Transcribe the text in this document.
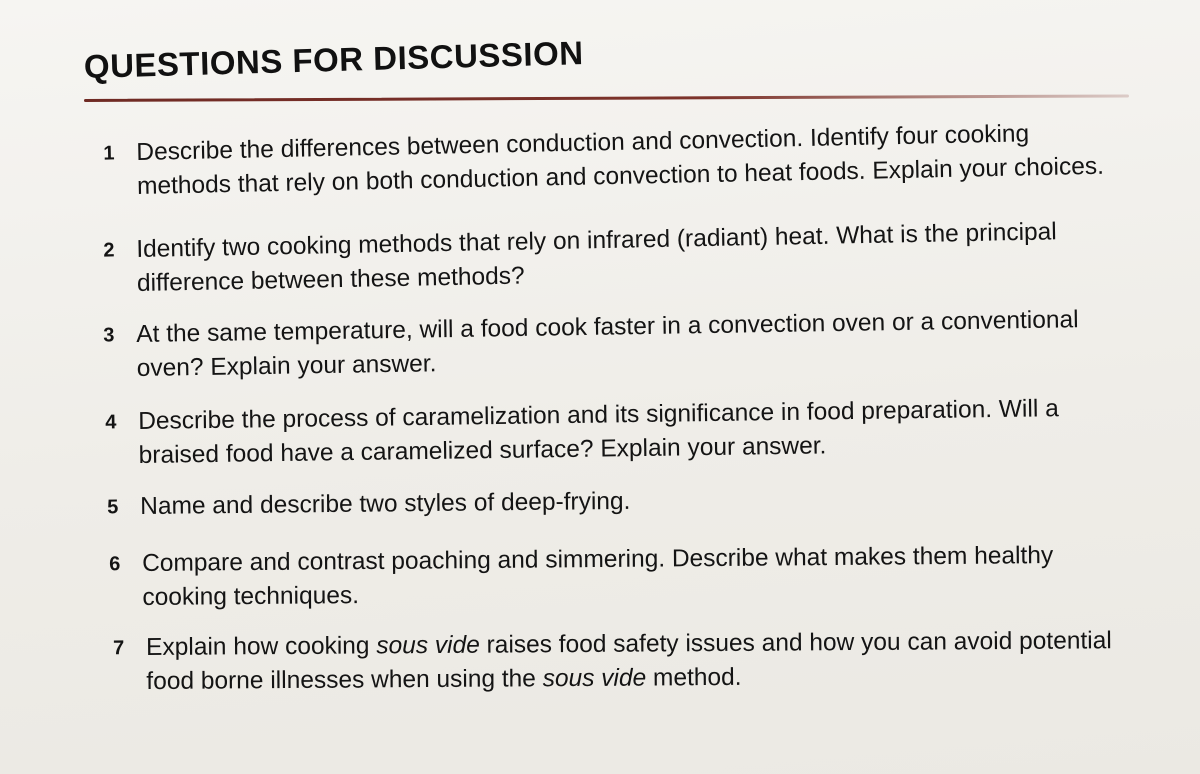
QUESTIONS FOR DISCUSSION
1 Describe the differences between conduction and convection. Identify four cooking
methods that rely on both conduction and convection to heat foods. Explain your choices.
2 Identify two cooking methods that rely on infrared (radiant) heat. What is the principal
difference between these methods?
3 At the same temperature, will a food cook faster in a convection oven or a conventional
oven? Explain your answer.
4 Describe the process of caramelization and its significance in food preparation. Will a
braised food have a caramelized surface? Explain your answer.
5 Name and describe two styles of deep-frying.
6 Compare and contrast poaching and simmering. Describe what makes them healthy
cooking techniques.
7 Explain how cooking sous vide raises food safety issues and how you can avoid potential
food borne illnesses when using the sous vide method.
